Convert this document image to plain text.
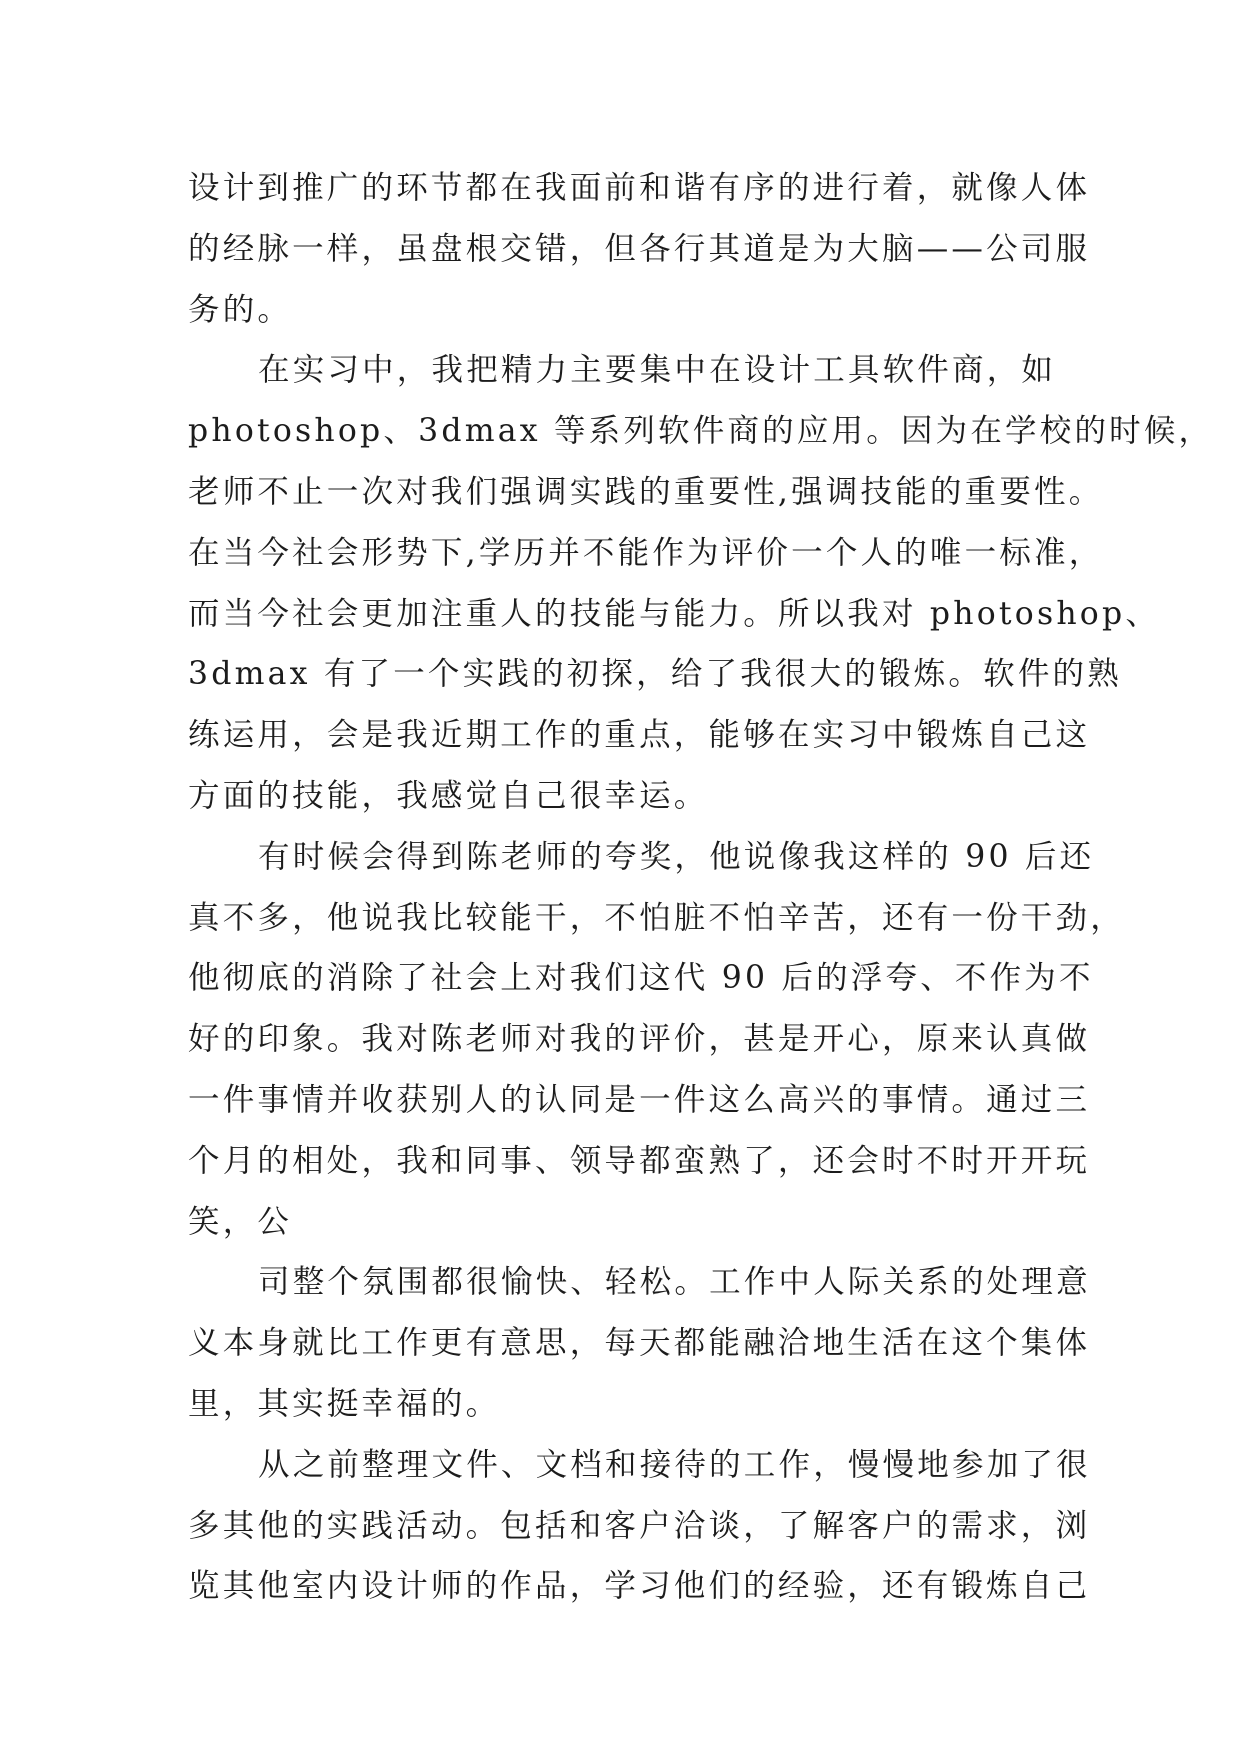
设计到推广的环节都在我面前和谐有序的进行着，就像人体
的经脉一样，虽盘根交错，但各行其道是为大脑——公司服
务的。
在实习中，我把精力主要集中在设计工具软件商，如
photoshop、3dmax 等系列软件商的应用。因为在学校的时候，
老师不止一次对我们强调实践的重要性,强调技能的重要性。
在当今社会形势下,学历并不能作为评价一个人的唯一标准，
而当今社会更加注重人的技能与能力。所以我对 photoshop、
3dmax 有了一个实践的初探，给了我很大的锻炼。软件的熟
练运用，会是我近期工作的重点，能够在实习中锻炼自己这
方面的技能，我感觉自己很幸运。
有时候会得到陈老师的夸奖，他说像我这样的 90 后还
真不多，他说我比较能干，不怕脏不怕辛苦，还有一份干劲，
他彻底的消除了社会上对我们这代 90 后的浮夸、不作为不
好的印象。我对陈老师对我的评价，甚是开心，原来认真做
一件事情并收获别人的认同是一件这么高兴的事情。通过三
个月的相处，我和同事、领导都蛮熟了，还会时不时开开玩
笑，公
司整个氛围都很愉快、轻松。工作中人际关系的处理意
义本身就比工作更有意思，每天都能融洽地生活在这个集体
里，其实挺幸福的。
从之前整理文件、文档和接待的工作，慢慢地参加了很
多其他的实践活动。包括和客户洽谈，了解客户的需求，浏
览其他室内设计师的作品，学习他们的经验，还有锻炼自己
